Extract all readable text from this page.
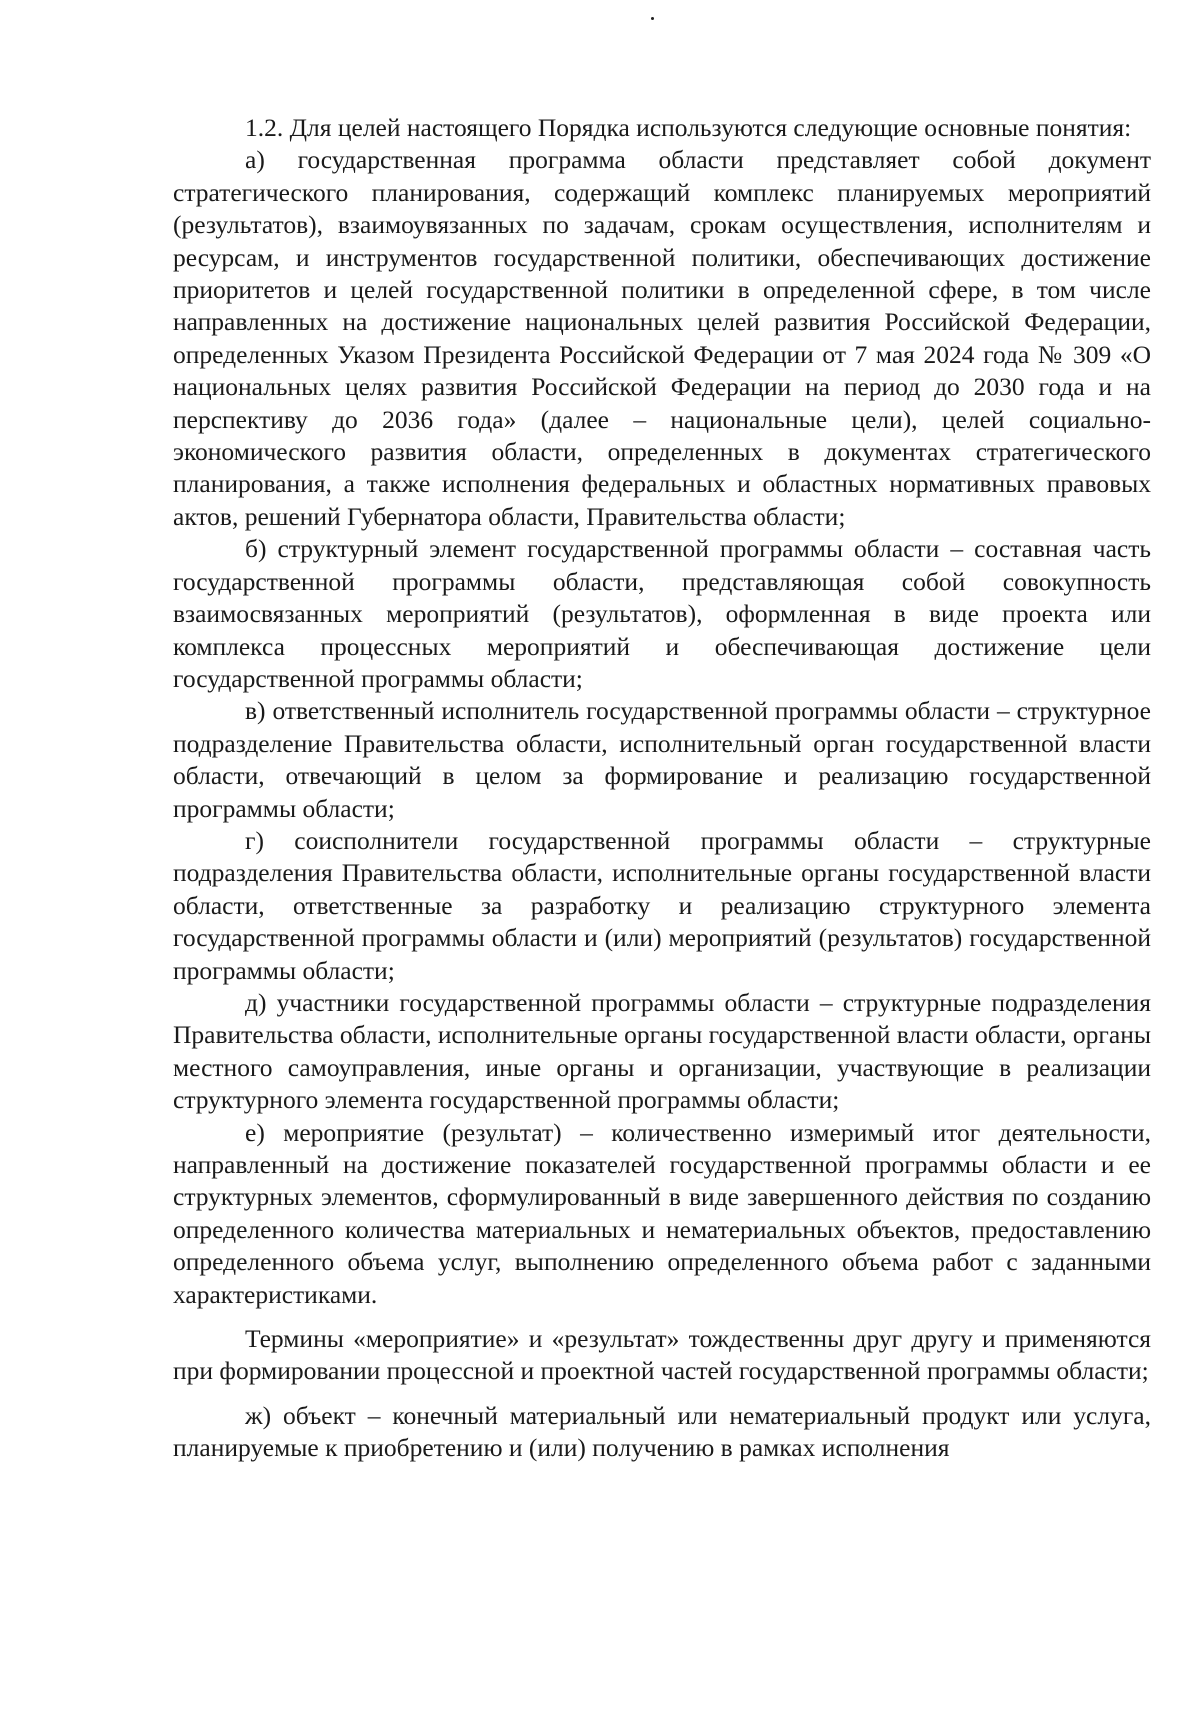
1.2. Для целей настоящего Порядка используются следующие основные понятия:

а) государственная программа области представляет собой документ стратегического планирования, содержащий комплекс планируемых мероприятий (результатов), взаимоувязанных по задачам, срокам осуществления, исполнителям и ресурсам, и инструментов государственной политики, обеспечивающих достижение приоритетов и целей государственной политики в определенной сфере, в том числе направленных на достижение национальных целей развития Российской Федерации, определенных Указом Президента Российской Федерации от 7 мая 2024 года № 309 «О национальных целях развития Российской Федерации на период до 2030 года и на перспективу до 2036 года» (далее – национальные цели), целей социально-экономического развития области, определенных в документах стратегического планирования, а также исполнения федеральных и областных нормативных правовых актов, решений Губернатора области, Правительства области;

б) структурный элемент государственной программы области – составная часть государственной программы области, представляющая собой совокупность взаимосвязанных мероприятий (результатов), оформленная в виде проекта или комплекса процессных мероприятий и обеспечивающая достижение цели государственной программы области;

в) ответственный исполнитель государственной программы области – структурное подразделение Правительства области, исполнительный орган государственной власти области, отвечающий в целом за формирование и реализацию государственной программы области;

г) соисполнители государственной программы области – структурные подразделения Правительства области, исполнительные органы государственной власти области, ответственные за разработку и реализацию структурного элемента государственной программы области и (или) мероприятий (результатов) государственной программы области;

д) участники государственной программы области – структурные подразделения Правительства области, исполнительные органы государственной власти области, органы местного самоуправления, иные органы и организации, участвующие в реализации структурного элемента государственной программы области;

е) мероприятие (результат) – количественно измеримый итог деятельности, направленный на достижение показателей государственной программы области и ее структурных элементов, сформулированный в виде завершенного действия по созданию определенного количества материальных и нематериальных объектов, предоставлению определенного объема услуг, выполнению определенного объема работ с заданными характеристиками.

Термины «мероприятие» и «результат» тождественны друг другу и применяются при формировании процессной и проектной частей государственной программы области;

ж) объект – конечный материальный или нематериальный продукт или услуга, планируемые к приобретению и (или) получению в рамках исполнения
